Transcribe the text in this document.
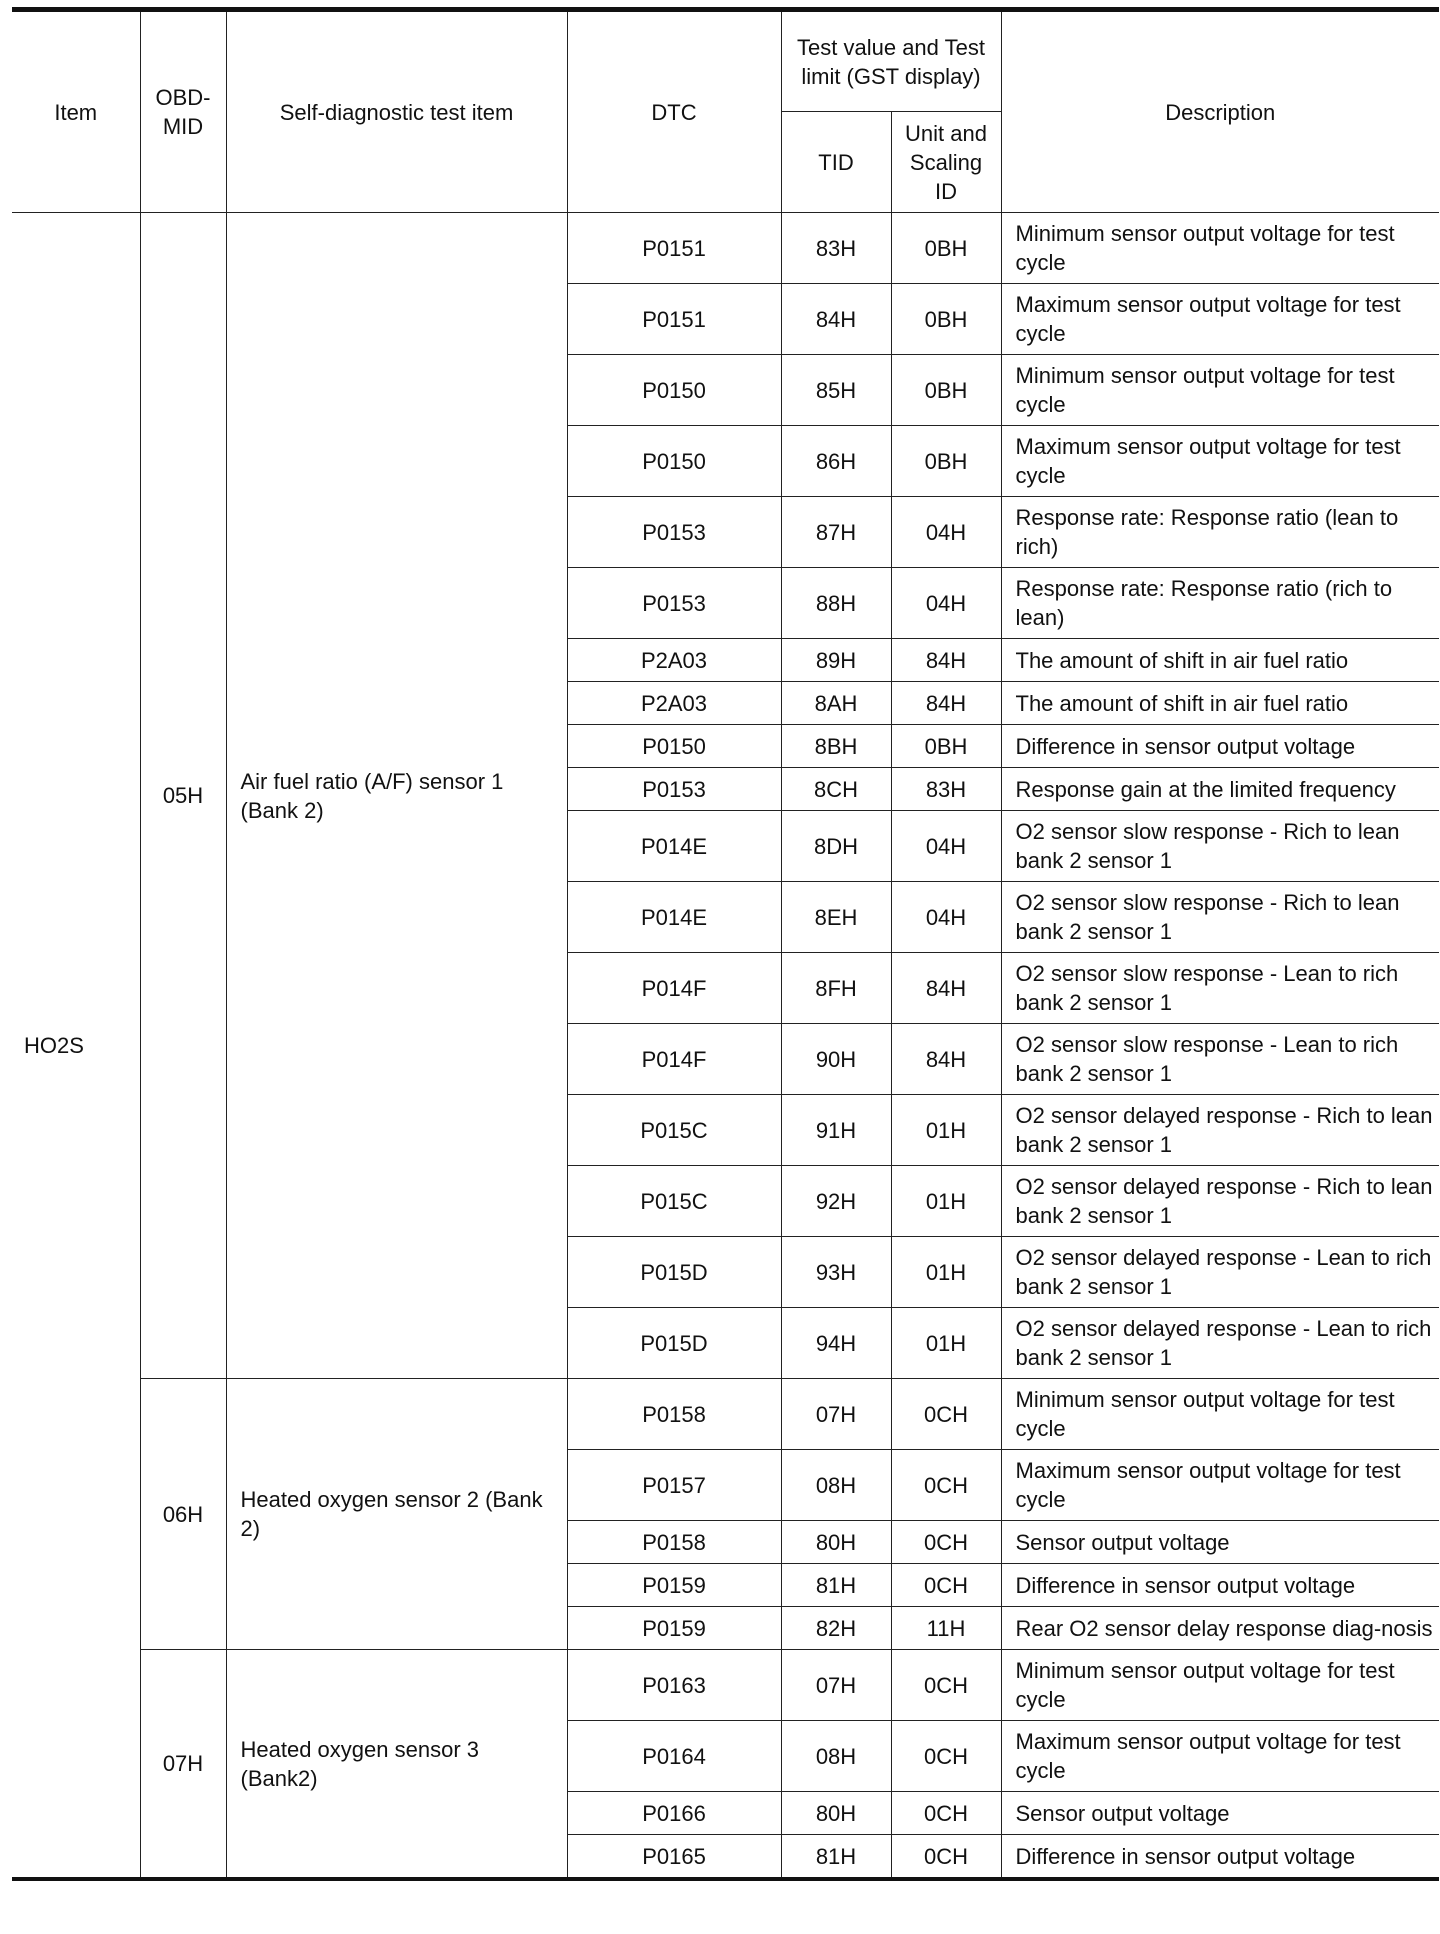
Item	OBD-MID	Self-diagnostic test item	DTC	Test value and Test limit (GST display)		Description
				TID	Unit and Scaling ID	
HO2S	05H	Air fuel ratio (A/F) sensor 1 (Bank 2)	P0151	83H	0BH	Minimum sensor output voltage for test cycle
			P0151	84H	0BH	Maximum sensor output voltage for test cycle
			P0150	85H	0BH	Minimum sensor output voltage for test cycle
			P0150	86H	0BH	Maximum sensor output voltage for test cycle
			P0153	87H	04H	Response rate: Response ratio (lean to rich)
			P0153	88H	04H	Response rate: Response ratio (rich to lean)
			P2A03	89H	84H	The amount of shift in air fuel ratio
			P2A03	8AH	84H	The amount of shift in air fuel ratio
			P0150	8BH	0BH	Difference in sensor output voltage
			P0153	8CH	83H	Response gain at the limited frequency
			P014E	8DH	04H	O2 sensor slow response - Rich to lean bank 2 sensor 1
			P014E	8EH	04H	O2 sensor slow response - Rich to lean bank 2 sensor 1
			P014F	8FH	84H	O2 sensor slow response - Lean to rich bank 2 sensor 1
			P014F	90H	84H	O2 sensor slow response - Lean to rich bank 2 sensor 1
			P015C	91H	01H	O2 sensor delayed response - Rich to lean bank 2 sensor 1
			P015C	92H	01H	O2 sensor delayed response - Rich to lean bank 2 sensor 1
			P015D	93H	01H	O2 sensor delayed response - Lean to rich bank 2 sensor 1
			P015D	94H	01H	O2 sensor delayed response - Lean to rich bank 2 sensor 1
	06H	Heated oxygen sensor 2 (Bank 2)	P0158	07H	0CH	Minimum sensor output voltage for test cycle
			P0157	08H	0CH	Maximum sensor output voltage for test cycle
			P0158	80H	0CH	Sensor output voltage
			P0159	81H	0CH	Difference in sensor output voltage
			P0159	82H	11H	Rear O2 sensor delay response diag-nosis
	07H	Heated oxygen sensor 3 (Bank2)	P0163	07H	0CH	Minimum sensor output voltage for test cycle
			P0164	08H	0CH	Maximum sensor output voltage for test cycle
			P0166	80H	0CH	Sensor output voltage
			P0165	81H	0CH	Difference in sensor output voltage
